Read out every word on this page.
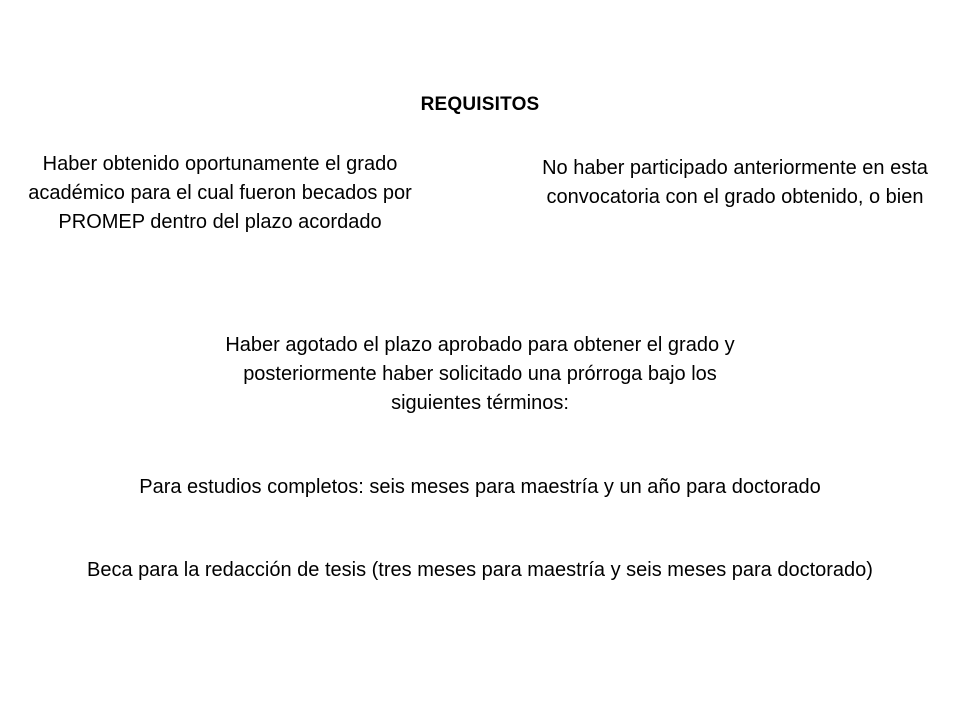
REQUISITOS
Haber obtenido oportunamente el grado académico para el cual fueron becados por PROMEP dentro del plazo acordado
No haber participado anteriormente en esta convocatoria con el grado obtenido, o bien
Haber agotado el plazo aprobado para obtener el grado y posteriormente haber solicitado una prórroga bajo los siguientes términos:
Para estudios completos: seis meses para maestría y un año para doctorado
Beca para la redacción de tesis (tres meses para maestría y seis meses para doctorado)
